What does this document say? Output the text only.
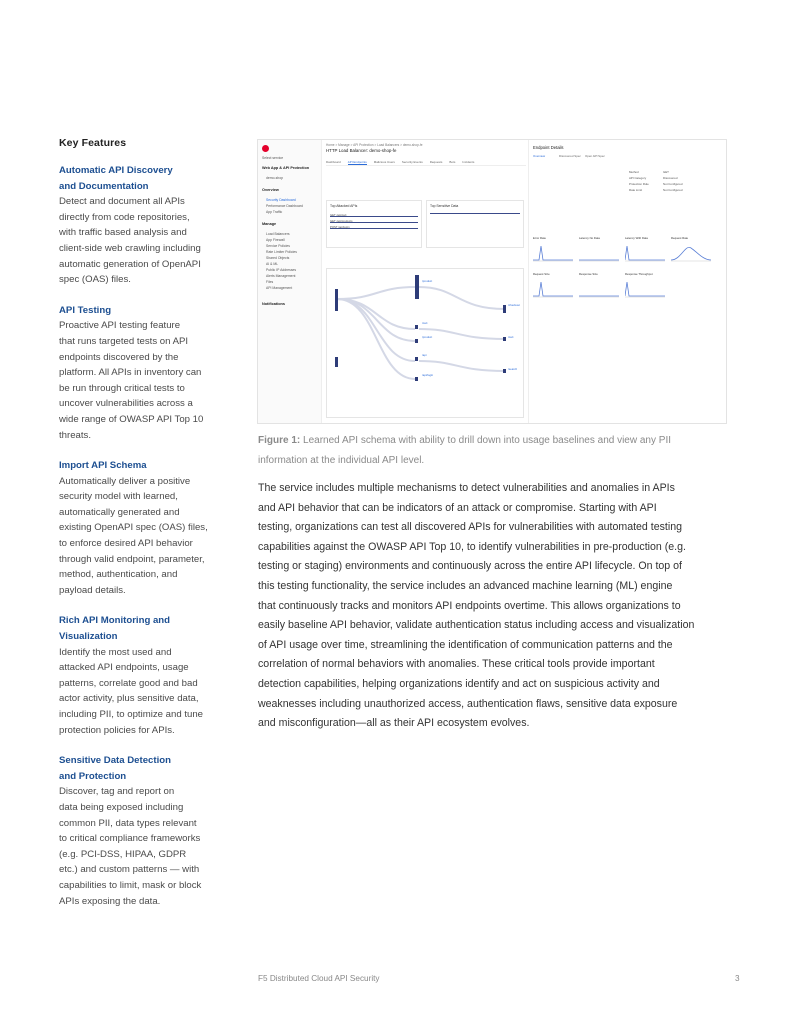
Key Features
Automatic API Discovery
and Documentation

Detect and document all APIs
directly from code repositories,
with traffic based analysis and
client-side web crawling including
automatic generation of OpenAPI
spec (OAS) files.

API Testing

Proactive API testing feature
that runs targeted tests on API
endpoints discovered by the
platform. All APIs in inventory can
be run through critical tests to
uncover vulnerabilities across a
wide range of OWASP API Top 10
threats.

Import API Schema

Automatically deliver a positive
security model with learned,
automatically generated and
existing OpenAPI spec (OAS) files,
to enforce desired API behavior
through valid endpoint, parameter,
method, authentication, and
payload details.

Rich API Monitoring and
Visualization

Identify the most used and
attacked API endpoints, usage
patterns, correlate good and bad
actor activity, plus sensitive data,
including PII, to optimize and tune
protection policies for APIs.

Sensitive Data Detection
and Protection

Discover, tag and report on
data being exposed including
common PII, data types relevant
to critical compliance frameworks
(e.g. PCI-DSS, HIPAA, GDPR
etc.) and custom patterns — with
capabilities to limit, mask or block
APIs exposing the data.

Select service
Web App & API Protection
demo-shop
Overview
Security Dashboard
Performance Dashboard
App Traffic
Manage
Load Balancers
App Firewall
Service Policies
Rate Limiter Policies
Shared Objects
AI & ML
Public IP Addresses
Alerts Management
Files
API Management
Notifications
Home > Manage > API Protection > Load Balancers > demo-shop-fe
HTTP Load Balancer: demo-shop-fe
Dashboard API Endpoints Malicious Users Security Events Requests Bots Incidents
Top Attacked APIs
GET /api/cart
GET /api/products
POST /api/login
Top Sensitive Data
/product
/cart
/product
/checkout
/api
/cart
/api/login
/search
Endpoint Details
Overview	Discovered Spec Open API Spec
Method	GET
API Category	Discovered
Protection Rule	Not Configured
Rate Limit	Not Configured
Error Rate	Latency No Data	Latency With Data	Request Rate
Request Size	Response Size	Response Throughput
Figure 1: Learned API schema with ability to drill down into usage baselines and view any PII
information at the individual API level.
The service includes multiple mechanisms to detect vulnerabilities and anomalies in APIs
and API behavior that can be indicators of an attack or compromise. Starting with API
testing, organizations can test all discovered APIs for vulnerabilities with automated testing
capabilities against the OWASP API Top 10, to identify vulnerabilities in pre-production (e.g.
testing or staging) environments and continuously across the entire API lifecycle. On top of
this testing functionality, the service includes an advanced machine learning (ML) engine
that continuously tracks and monitors API endpoints overtime. This allows organizations to
easily baseline API behavior, validate authentication status including access and visualization
of API usage over time, streamlining the identification of communication patterns and the
correlation of normal behaviors with anomalies. These critical tools provide important
detection capabilities, helping organizations identify and act on suspicious activity and
weaknesses including unauthorized access, authentication flaws, sensitive data exposure
and misconfiguration—all as their API ecosystem evolves.
F5 Distributed Cloud API Security	3
